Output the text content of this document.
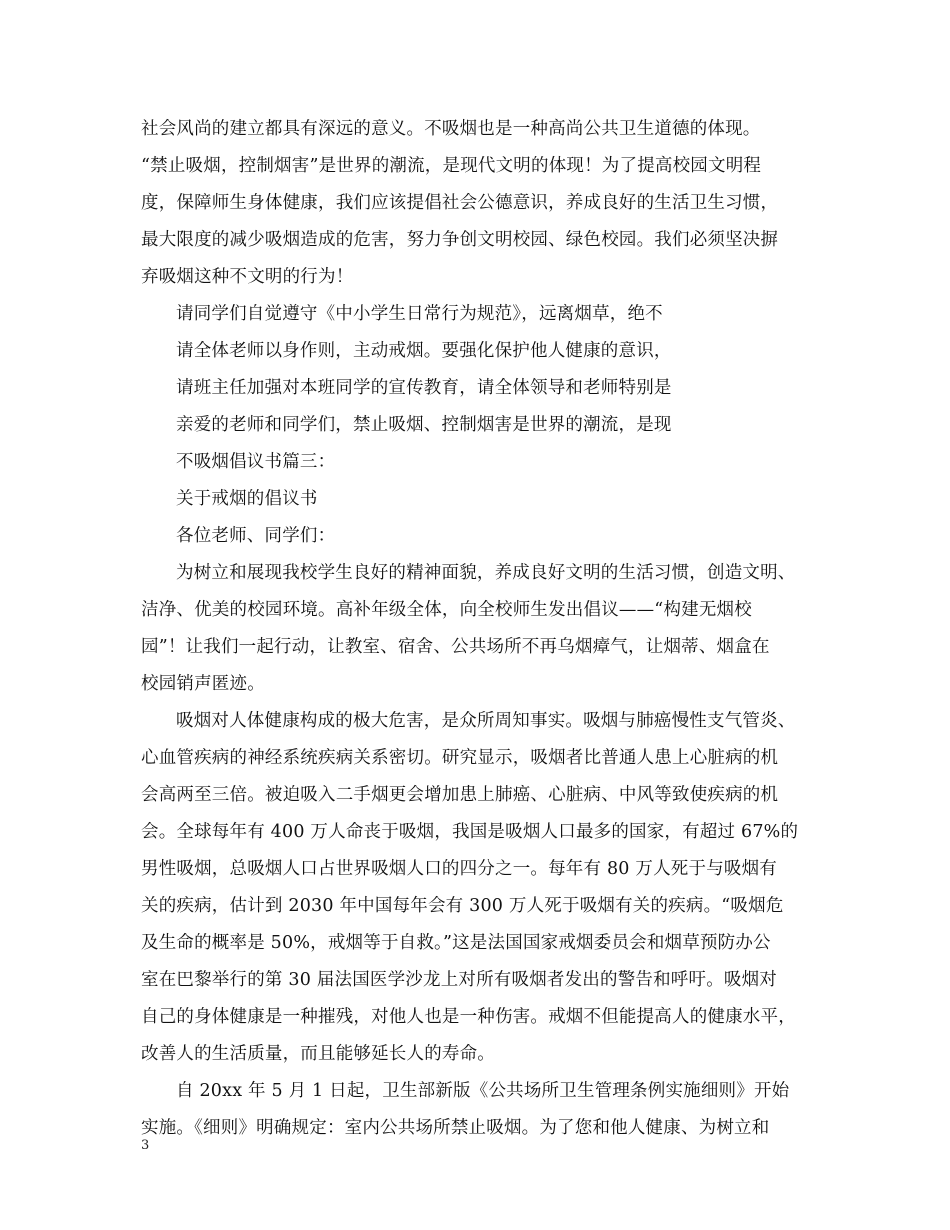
社会风尚的建立都具有深远的意义。不吸烟也是一种高尚公共卫生道德的体现。
“禁止吸烟，控制烟害”是世界的潮流，是现代文明的体现！为了提高校园文明程
度，保障师生身体健康，我们应该提倡社会公德意识，养成良好的生活卫生习惯，
最大限度的减少吸烟造成的危害，努力争创文明校园、绿色校园。我们必须坚决摒
弃吸烟这种不文明的行为！
请同学们自觉遵守《中小学生日常行为规范》，远离烟草，绝不
请全体老师以身作则，主动戒烟。要强化保护他人健康的意识，
请班主任加强对本班同学的宣传教育，请全体领导和老师特别是
亲爱的老师和同学们，禁止吸烟、控制烟害是世界的潮流，是现
不吸烟倡议书篇三：
关于戒烟的倡议书
各位老师、同学们：
为树立和展现我校学生良好的精神面貌，养成良好文明的生活习惯，创造文明、
洁净、优美的校园环境。高补年级全体，向全校师生发出倡议——“构建无烟校
园”！让我们一起行动，让教室、宿舍、公共场所不再乌烟瘴气，让烟蒂、烟盒在
校园销声匿迹。
吸烟对人体健康构成的极大危害，是众所周知事实。吸烟与肺癌慢性支气管炎、
心血管疾病的神经系统疾病关系密切。研究显示，吸烟者比普通人患上心脏病的机
会高两至三倍。被迫吸入二手烟更会增加患上肺癌、心脏病、中风等致使疾病的机
会。全球每年有 400 万人命丧于吸烟，我国是吸烟人口最多的国家，有超过 67%的
男性吸烟，总吸烟人口占世界吸烟人口的四分之一。每年有 80 万人死于与吸烟有
关的疾病，估计到 2030 年中国每年会有 300 万人死于吸烟有关的疾病。“吸烟危
及生命的概率是 50%，戒烟等于自救。”这是法国国家戒烟委员会和烟草预防办公
室在巴黎举行的第 30 届法国医学沙龙上对所有吸烟者发出的警告和呼吁。吸烟对
自己的身体健康是一种摧残，对他人也是一种伤害。戒烟不但能提高人的健康水平，
改善人的生活质量，而且能够延长人的寿命。
自 20xx 年 5 月 1 日起，卫生部新版《公共场所卫生管理条例实施细则》开始
实施。《细则》明确规定：室内公共场所禁止吸烟。为了您和他人健康、为树立和
3
